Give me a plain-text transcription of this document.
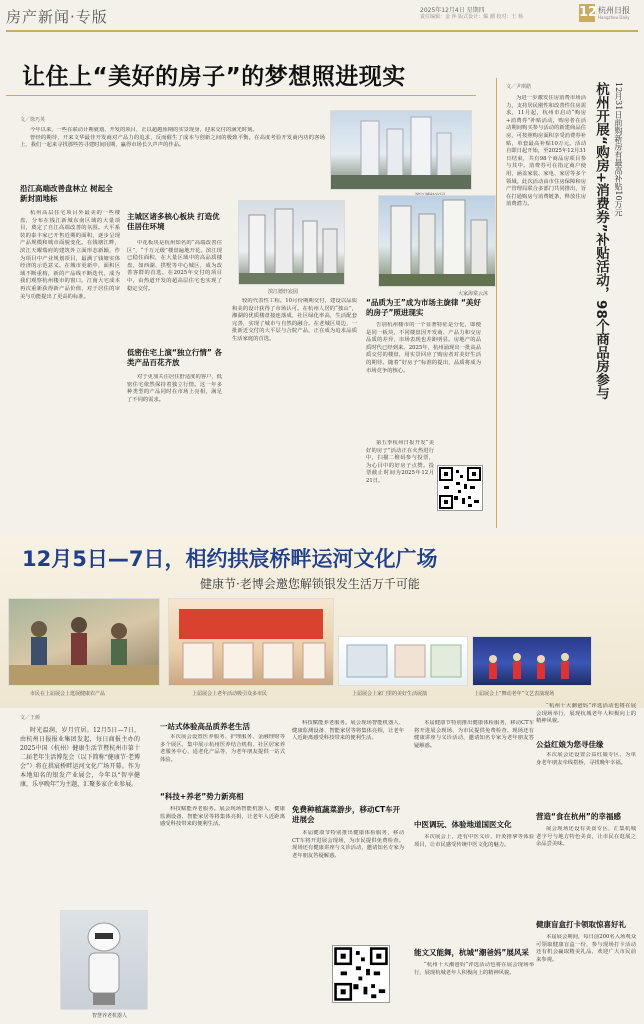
房产新闻·专版	2025年12月4日 星期四
责任编辑：金 萍 版式设计：爆 潮 校对：王 杨	12 杭州日报
Hangzhou Daily
让住上“美好的房子”的梦想照进现实
文／徐巧英

今年以来，一些在联动计期就划、开发的项目，正以超越预期的实景现身，迎来交付的满光时刻。

曾经的期待，开来文华最佳开发商对产品力的追求，反而催生了成本与创新之间的极致平衡。在高度考验开发商内功的客场上，我们一起来寻找那些答寻建时间用期，赢得市场长久声声的作品。

沿江高端改善盘林立 树起全新封面地标

杭州高层住宅项目外最美的一些楼盘，分布在钱江新城东南区域的大量项目，奠定了自江高端改善的氛围。大平系装的泰丰家已开售近期的面积，逐步呈现产品规模和城市面貌变化。在钱塘江畔，滨江天曜瑞府的建筑外立面形态新颖，作为项目中产业规划项目，最满了钱塘实体经济的示范意义。在城市更新中，面积区域不断重构，新的产品线不断迭代，成为我们观察杭州楼市的窗口。江南大宅成本再次重新获得新产品价值，对于居住的审美与功能提出了更高的标准。

主城区诸多核心板块 打造优佳居住环境

中花板块是杭州知名的“高端改善住区”，“千万元级”楼盘遍地开花。滨江现已稳住面积，在大量区域中的高品质楼盘，如西湖、拱墅等中心城区，成为改善客群的首选。在2025年交付的项目中，由热道开发的超高层住宅也实现了稳定交付。

低密住宅上演“独立行情” 各类产品百花齐放

对于更加关注居住舒适度的客户，低密住宅依然保持着独立行情。这一年多种类型的产品同时在市场上亮相，满足了不同的需求。

滨江德轩宸园	大家海棠云沐

较的代表性工程。10月份期期交付，建设以品质和美的设计获得了市场认可。在杭州人居的“独山”，湘湖的优质楼盘接连落成，社区绿化率高，生活配套完善，实现了城市与自然的融合。在老城区周边，一批新近交付的大平层与合院产品，正在成为追求品质生活家庭的首选。

“品质为王”成为市场主旋律 “美好的房子”照进现实

告别杭州楼市的一个显著特征是分化，即便是同一板块，不同楼盘因开发商、产品力和交房品质的差异，市场表现也差距明显。房地产的品质时代已经到来。2025年，杭州涌现出一批高品质交付的楼盘，用实景回应了购房者对美好生活的期待。随着“好房子”标准的提出，品质将成为市场竞争的核心。

第五季杭州日报开发“美好的房子”活动正在火热进行中，扫描二维码参与投票，为心目中的好房子点赞。投票截止时间为2025年12月21日。

文／尹琪皓	杭州开展“购房+消费券”补贴活动，98个商品房参与 12月31日前购新房有最高补贴10万元

为进一步激发住房消费市场活力，支持居民刚性和改善性住房需求，11月起，杭州市启动“购房+消费券”补贴活动，购房者在活动期间购买参与活动的新建商品住房，可按照购房面积享受消费券补贴，单套最高补贴10万元。活动自即日起开始，至2025年12月31日结束，共有98个商品房项目参与其中。消费券可在指定商户使用，涵盖家装、家电、家居等多个领域。此次活动由市住房保障和房产管理局联合多部门共同推出，旨在打通购房与消费链条，释放住房消费潜力。

12月5日—7日，相约拱宸桥畔运河文化广场
健康节·老博会邀您解锁银发生活万千可能
市民在上届展会上逛展健康农产品	上届展会上老年活动吸引众多市民	上届展会上家门里的美好生活展演	上届展会上“舞动老年”文艺表演现场
文／王颜

时光温润，岁月宜居。12月5日—7日，由杭州日报报业集团发起，每日商报主办的2025中国（杭州）健康生活节暨杭州市第十二届老年生活博览会（以下简称“健康节·老博会”）将在拱宸桥畔运河文化广场开幕。作为本地知名的银发产业展会，今年以“智享健康，乐享晚年”为主题，汇聚多家企业参展。

智慧养老机器人
一站式体验高品质养老生活

本次展会设置医养服务、护理服务、金融理财等多个展区，集中展示杭州医养结合机构、社区居家养老服务中心、适老化产品等，为老年朋友提供一站式体验。

“科技+养老”势力新亮相

科技赋能养老服务。展会现场智能机器人、健康监测设备、智能家居等将集体亮相，让老年人近距离感受科技带来的便利生活。

科技赋能养老服务。展会现场智能机器人、健康监测设备、智能家居等将集体亮相，让老年人近距离感受科技带来的便利生活。

免费种植蔬菜游步，移动CT车开进展会

本届健康节特别推出健康体检服务，移动CT车将开进展会现场，为市民提供免费检查。现场还有健康讲座与义诊活动，邀请知名专家为老年朋友答疑解惑。

本届健康节特别推出健康体检服务，移动CT车将开进展会现场，为市民提供免费检查。现场还有健康讲座与义诊活动，邀请知名专家为老年朋友答疑解惑。

中医调玩、体验地道国医文化

本次展会上，还有中医义诊、针灸推拿等体验项目，让市民感受传统中医文化的魅力。

能文又能舞，杭城“潮爸妈”展风采

“杭州十大潮爸妈”评选活动也将在展会现场举行，展现杭城老年人积极向上的精神风貌。

“杭州十大潮爸妈”评选活动也将在展会现场举行，展现杭城老年人积极向上的精神风貌。

公益红娘为您寻佳缘

本次展会还设置公益红娘专区，为单身老年朋友牵线搭桥，寻找晚年幸福。

营造“食在杭州”的幸福感

展会现场还设有美食专区，汇集杭城老字号与地方特色美食，让市民在逛展之余品尝美味。

健康盲盒打卡领取惊喜好礼

本届展会期间，每日前200名入场观众可领取健康盲盒一份，参与现场打卡活动还有机会赢取精美礼品，欢迎广大市民前来参观。
